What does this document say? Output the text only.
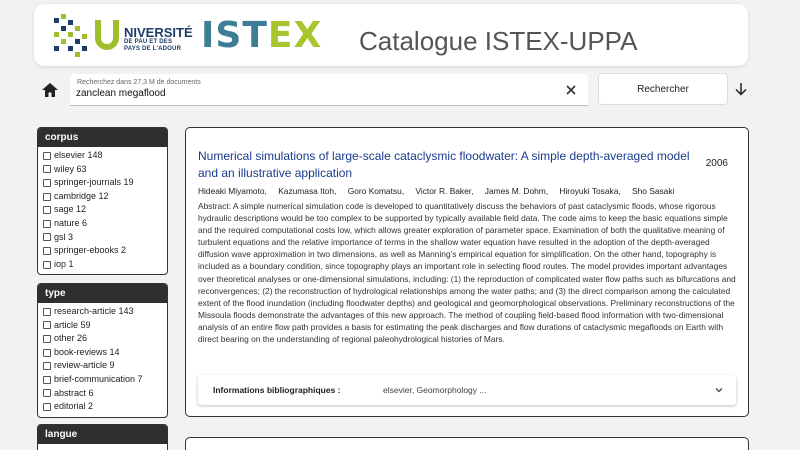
NIVERSITÉ
DE PAU ET DES
PAYS DE L'ADOUR ISTEX Catalogue ISTEX-UPPA
Recherchez dans 27,3 M de documents
zanclean megaflood
Rechercher
corpus
elsevier 148
wiley 63
springer-journals 19
cambridge 12
sage 12
nature 6
gsl 3
springer-ebooks 2
iop 1
type
research-article 143
article 59
other 26
book-reviews 14
review-article 9
brief-communication 7
abstract 6
editorial 2
langue
Numerical simulations of large-scale cataclysmic floodwater: A simple depth-averaged model and an illustrative application
2006
Hideaki Miyamoto, Kazumasa Itoh, Goro Komatsu, Victor R. Baker, James M. Dohm, Hiroyuki Tosaka, Sho Sasaki
Abstract: A simple numerical simulation code is developed to quantitatively discuss the behaviors of past cataclysmic floods, whose rigorous hydraulic descriptions would be too complex to be supported by typically available field data. The code aims to keep the basic equations simple and the required computational costs low, which allows greater exploration of parameter space. Examination of both the qualitative meaning of turbulent equations and the relative importance of terms in the shallow water equation have resulted in the adoption of the depth-averaged diffusion wave approximation in two dimensions, as well as Manning's empirical equation for simplification. On the other hand, topography is included as a boundary condition, since topography plays an important role in selecting flood routes. The model provides important advantages over theoretical analyses or one-dimensional simulations, including: (1) the reproduction of complicated water flow paths such as bifurcations and reconvergences; (2) the reconstruction of hydrological relationships among the water paths; and (3) the direct comparison among the calculated extent of the flood inundation (including floodwater depths) and geological and geomorphological observations. Preliminary reconstructions of the Missoula floods demonstrate the advantages of this new approach. The method of coupling field-based flood information with two-dimensional analysis of an entire flow path provides a basis for estimating the peak discharges and flow durations of cataclysmic megafloods on Earth with direct bearing on the understanding of regional paleohydrological histories of Mars.
Informations bibliographiques :	elsevier, Geomorphology ...
